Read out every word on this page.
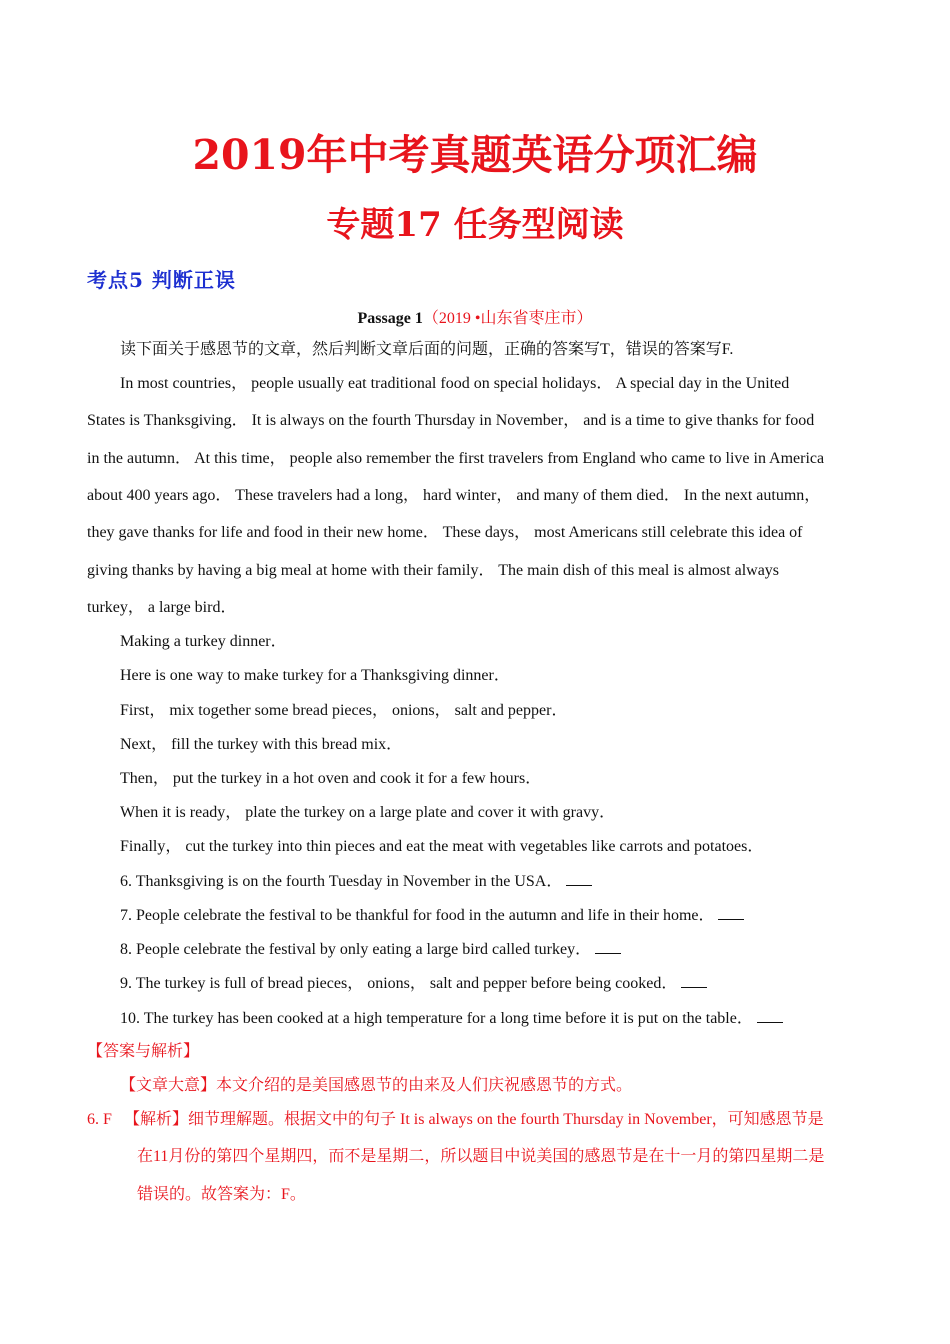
2019年中考真题英语分项汇编
专题17 任务型阅读
考点5 判断正误
Passage 1（2019 •山东省枣庄市）
读下面关于感恩节的文章，然后判断文章后面的问题，正确的答案写T，错误的答案写F.
In most countries， people usually eat traditional food on special holidays． A special day in the United
States is Thanksgiving． It is always on the fourth Thursday in November， and is a time to give thanks for food
in the autumn． At this time， people also remember the first travelers from England who came to live in America
about 400 years ago． These travelers had a long， hard winter， and many of them died． In the next autumn，
they gave thanks for life and food in their new home． These days， most Americans still celebrate this idea of
giving thanks by having a big meal at home with their family． The main dish of this meal is almost always
turkey， a large bird．
Making a turkey dinner．
Here is one way to make turkey for a Thanksgiving dinner．
First， mix together some bread pieces， onions， salt and pepper．
Next， fill the turkey with this bread mix．
Then， put the turkey in a hot oven and cook it for a few hours．
When it is ready， plate the turkey on a large plate and cover it with gravy．
Finally， cut the turkey into thin pieces and eat the meat with vegetables like carrots and potatoes．
6. Thanksgiving is on the fourth Tuesday in November in the USA．
7. People celebrate the festival to be thankful for food in the autumn and life in their home．
8. People celebrate the festival by only eating a large bird called turkey．
9. The turkey is full of bread pieces， onions， salt and pepper before being cooked．
10. The turkey has been cooked at a high temperature for a long time before it is put on the table．
【答案与解析】
【文章大意】本文介绍的是美国感恩节的由来及人们庆祝感恩节的方式。
6. F 【解析】细节理解题。根据文中的句子 It is always on the fourth Thursday in November，可知感恩节是
在11月份的第四个星期四，而不是星期二，所以题目中说美国的感恩节是在十一月的第四星期二是
错误的。故答案为：F。
